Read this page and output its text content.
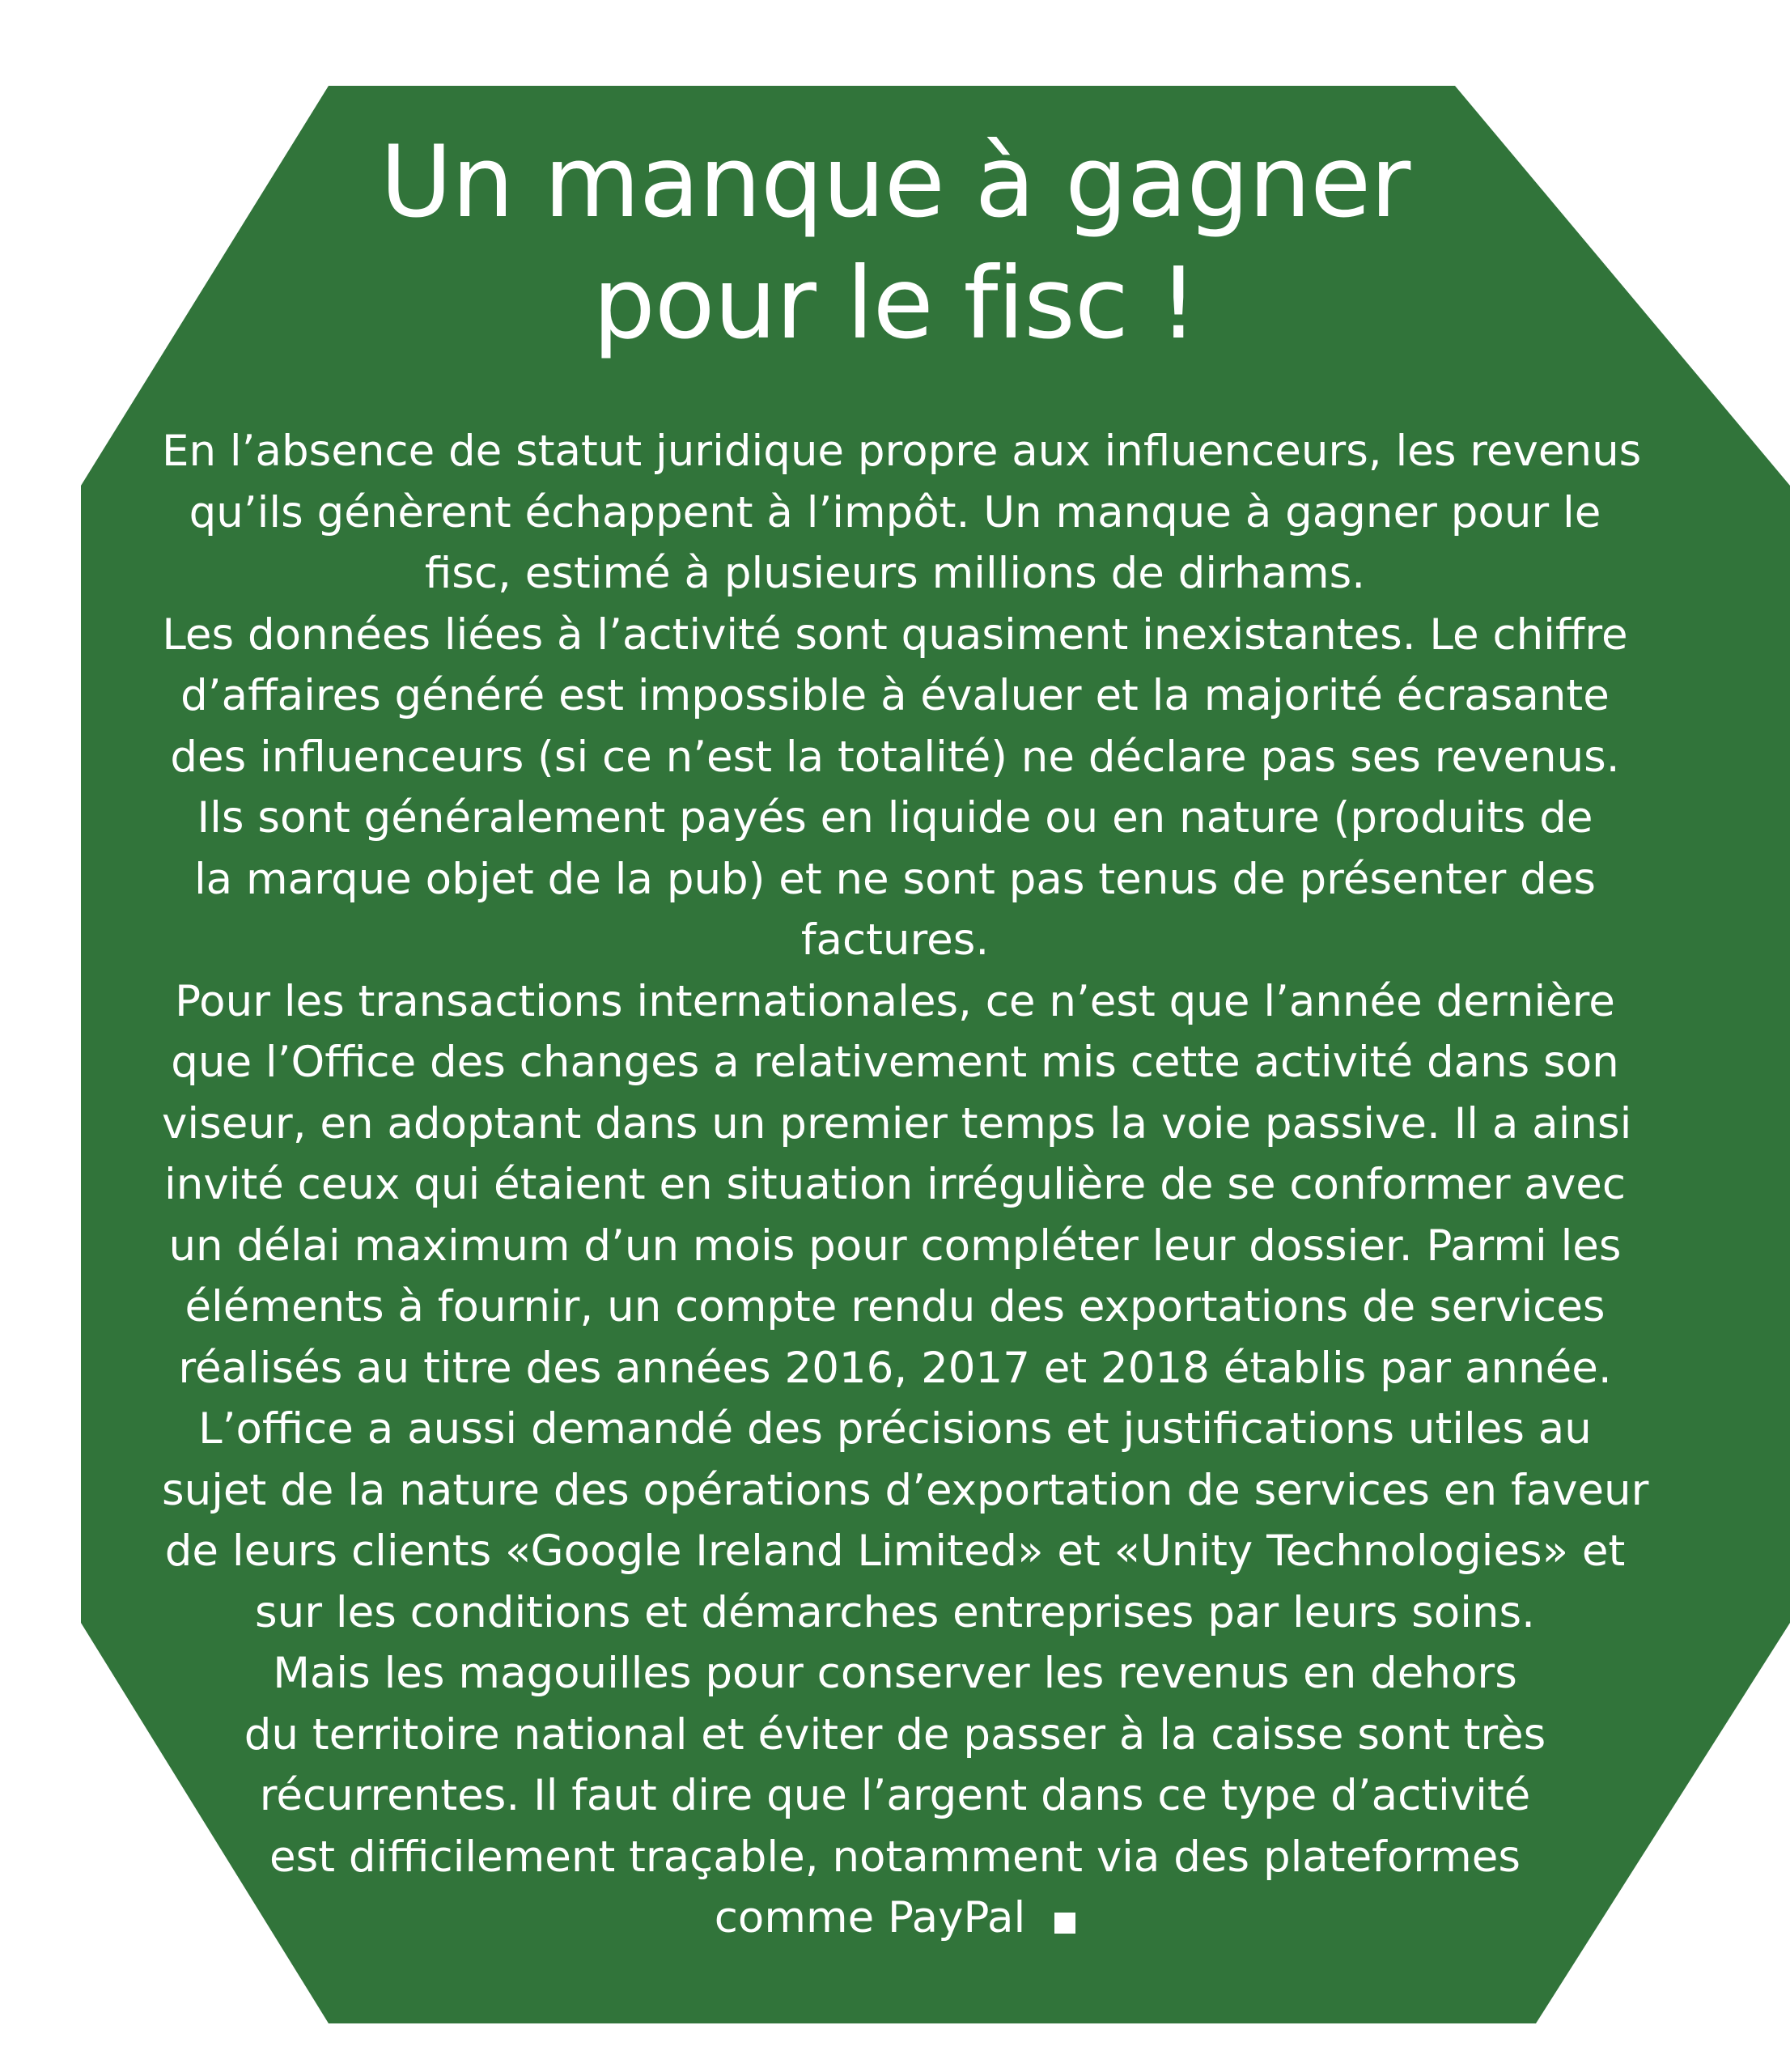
Un manque à gagner
pour le fisc !
En l’absence de statut juridique propre aux influenceurs, les revenus
qu’ils génèrent échappent à l’impôt. Un manque à gagner pour le
fisc, estimé à plusieurs millions de dirhams.
Les données liées à l’activité sont quasiment inexistantes. Le chiffre
d’affaires généré est impossible à évaluer et la majorité écrasante
des influenceurs (si ce n’est la totalité) ne déclare pas ses revenus.
Ils sont généralement payés en liquide ou en nature (produits de
la marque objet de la pub) et ne sont pas tenus de présenter des
factures.
Pour les transactions internationales, ce n’est que l’année dernière
que l’Office des changes a relativement mis cette activité dans son
viseur, en adoptant dans un premier temps la voie passive. Il a ainsi
invité ceux qui étaient en situation irrégulière de se conformer avec
un délai maximum d’un mois pour compléter leur dossier. Parmi les
éléments à fournir, un compte rendu des exportations de services
réalisés au titre des années 2016, 2017 et 2018 établis par année.
L’office a aussi demandé des précisions et justifications utiles au
sujet de la nature des opérations d’exportation de services en faveur
de leurs clients «Google Ireland Limited» et «Unity Technologies» et
sur les conditions et démarches entreprises par leurs soins.
Mais les magouilles pour conserver les revenus en dehors
du territoire national et éviter de passer à la caisse sont très
récurrentes. Il faut dire que l’argent dans ce type d’activité
est difficilement traçable, notamment via des plateformes
comme PayPal
